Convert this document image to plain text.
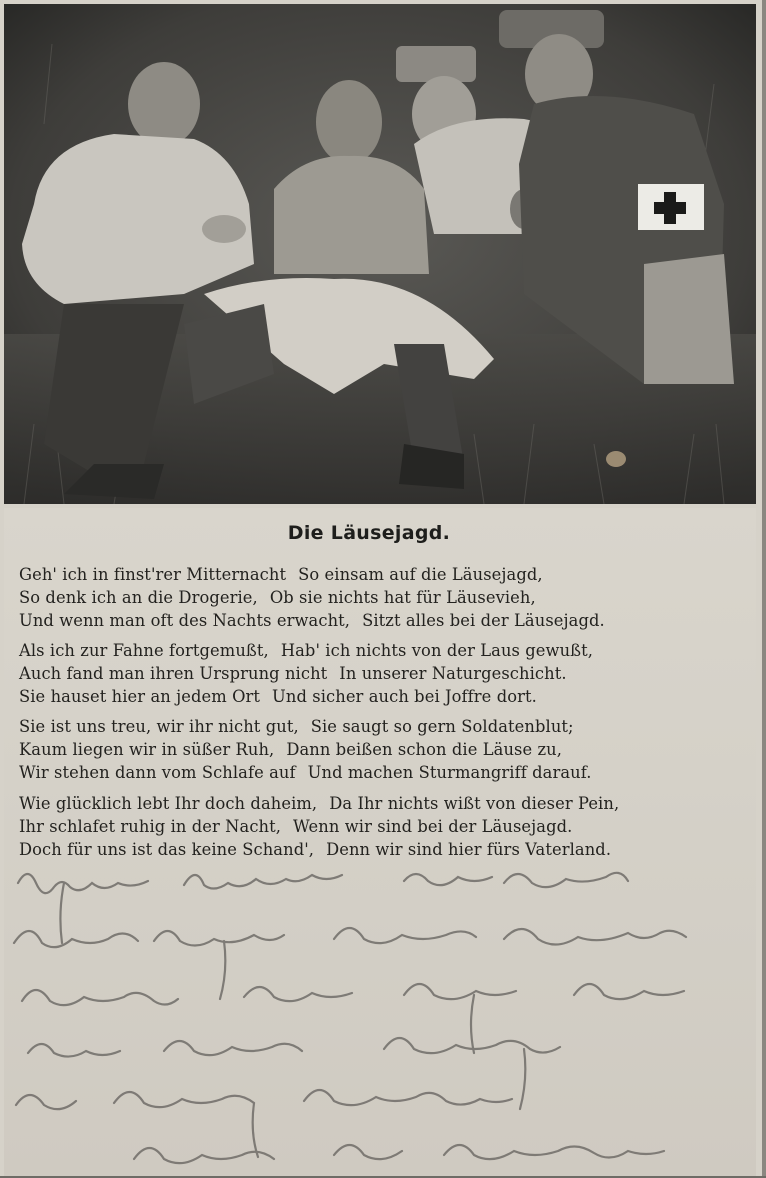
Die Läusejagd.
Geh' ich in finst'rer Mitternacht So einsam auf die Läusejagd,
So denk ich an die Drogerie, Ob sie nichts hat für Läusevieh,
Und wenn man oft des Nachts erwacht, Sitzt alles bei der Läusejagd.
Als ich zur Fahne fortgemußt, Hab' ich nichts von der Laus gewußt,
Auch fand man ihren Ursprung nicht In unserer Naturgeschicht.
Sie hauset hier an jedem Ort Und sicher auch bei Joffre dort.
Sie ist uns treu, wir ihr nicht gut, Sie saugt so gern Soldatenblut;
Kaum liegen wir in süßer Ruh, Dann beißen schon die Läuse zu,
Wir stehen dann vom Schlafe auf Und machen Sturmangriff darauf.
Wie glücklich lebt Ihr doch daheim, Da Ihr nichts wißt von dieser Pein,
Ihr schlafet ruhig in der Nacht, Wenn wir sind bei der Läusejagd.
Doch für uns ist das keine Schand', Denn wir sind hier fürs Vaterland.
